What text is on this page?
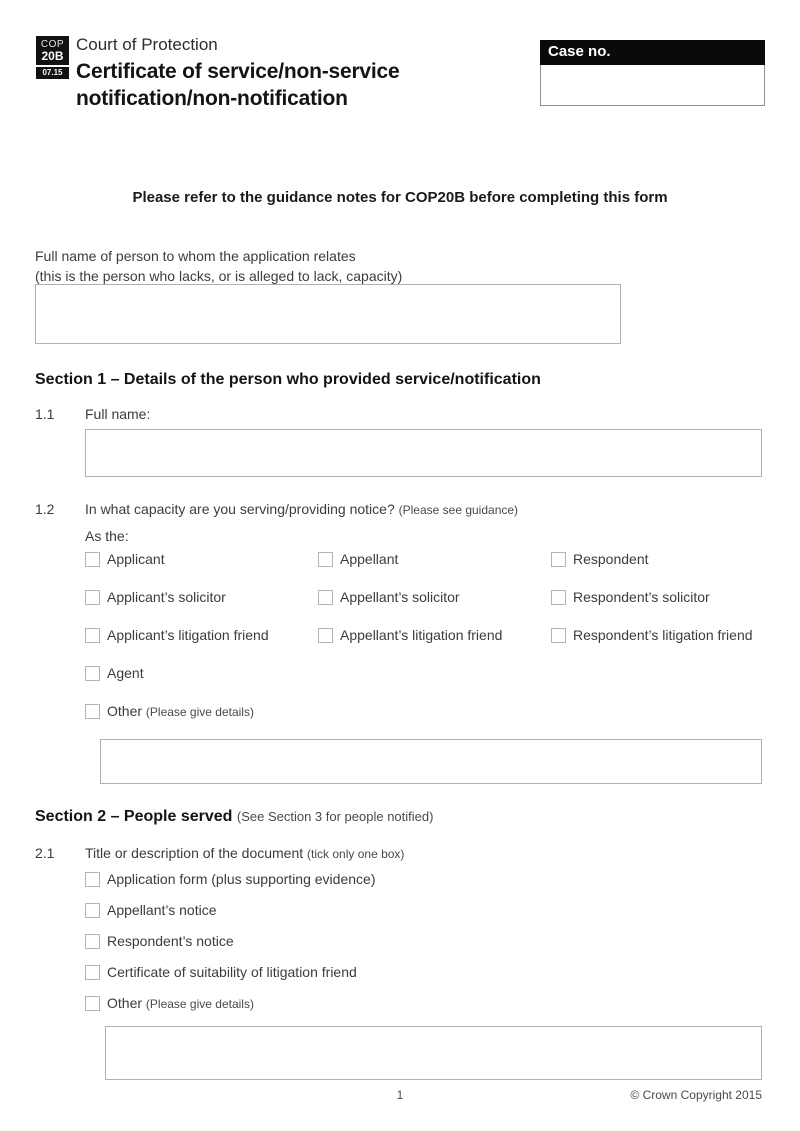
COP
20B
07.15
Court of Protection
Certificate of service/non-service
notification/non-notification
Case no.
Please refer to the guidance notes for COP20B before completing this form
Full name of person to whom the application relates
(this is the person who lacks, or is alleged to lack, capacity)
Section 1 – Details of the person who provided service/notification
1.1 Full name:
1.2 In what capacity are you serving/providing notice? (Please see guidance)
As the:
Applicant	Appellant	Respondent
Applicant’s solicitor	Appellant’s solicitor	Respondent’s solicitor
Applicant’s litigation friend	Appellant’s litigation friend	Respondent’s litigation friend
Agent
Other (Please give details)
Section 2 – People served (See Section 3 for people notified)
2.1 Title or description of the document (tick only one box)
Application form (plus supporting evidence)
Appellant’s notice
Respondent’s notice
Certificate of suitability of litigation friend
Other (Please give details)
1	© Crown Copyright 2015
